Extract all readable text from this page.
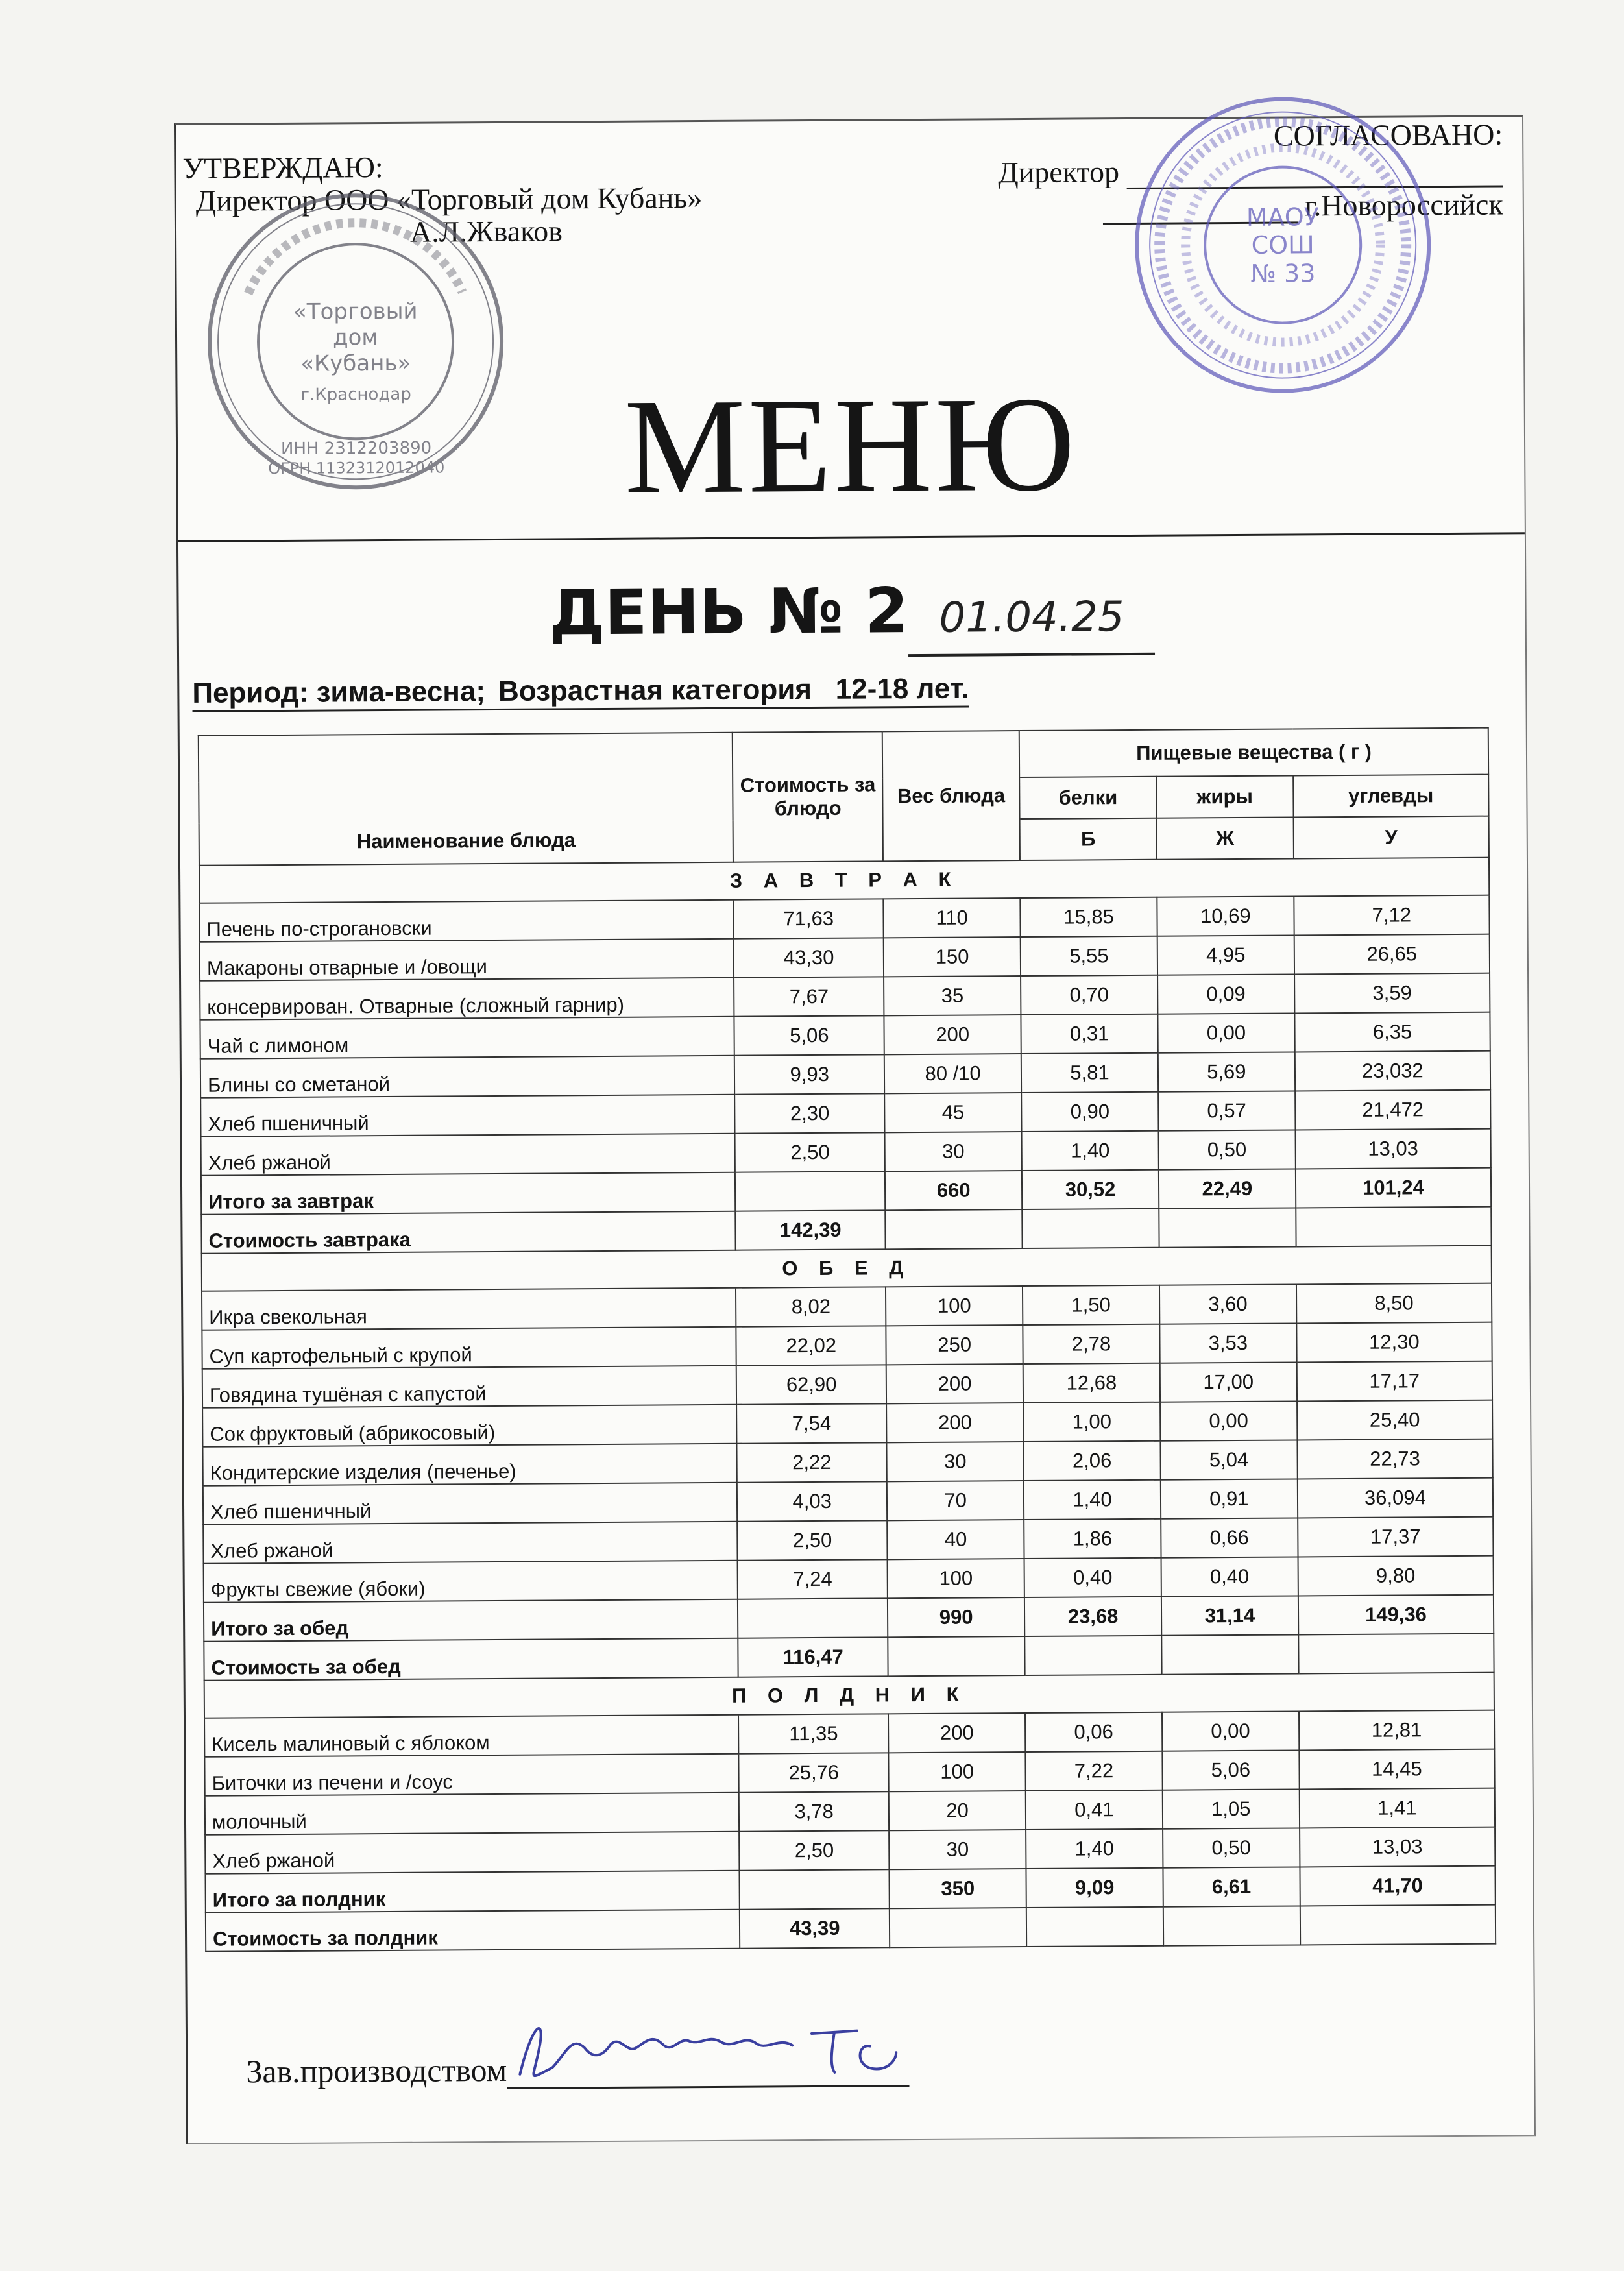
УТВЕРЖДАЮ:
Директор ООО «Торговый дом Кубань»
А.Л.Жваков
СОГЛАСОВАНО:
Директор
г.Новороссийск
«Торговый
дом
«Кубань»
г.Краснодар
ИНН 2312203890
ОГРН 1132312012040
МАОУ
СОШ
№ 33
МЕНЮ
ДЕНЬ № 2 01.04.25
Период: зима-весна; Возрастная категория 12-18 лет.
Наименование блюда	Стоимость за блюдо	Вес блюда	Пищевые вещества ( г )		
			белки	жиры	углевды
			Б	Ж	У
З А В Т Р А К					
Печень по-строгановски	71,63	110	15,85	10,69	7,12
Макароны отварные и /овощи	43,30	150	5,55	4,95	26,65
консервирован. Отварные (сложный гарнир)	7,67	35	0,70	0,09	3,59
Чай с лимоном	5,06	200	0,31	0,00	6,35
Блины со сметаной	9,93	80 /10	5,81	5,69	23,032
Хлеб пшеничный	2,30	45	0,90	0,57	21,472
Хлеб ржаной	2,50	30	1,40	0,50	13,03
Итого за завтрак		660	30,52	22,49	101,24
Стоимость завтрака	142,39				
О Б Е Д					
Икра свекольная	8,02	100	1,50	3,60	8,50
Суп картофельный с крупой	22,02	250	2,78	3,53	12,30
Говядина тушёная с капустой	62,90	200	12,68	17,00	17,17
Сок фруктовый (абрикосовый)	7,54	200	1,00	0,00	25,40
Кондитерские изделия (печенье)	2,22	30	2,06	5,04	22,73
Хлеб пшеничный	4,03	70	1,40	0,91	36,094
Хлеб ржаной	2,50	40	1,86	0,66	17,37
Фрукты свежие (ябоки)	7,24	100	0,40	0,40	9,80
Итого за обед		990	23,68	31,14	149,36
Стоимость за обед	116,47				
П О Л Д Н И К					
Кисель малиновый с яблоком	11,35	200	0,06	0,00	12,81
Биточки из печени и /соус	25,76	100	7,22	5,06	14,45
молочный	3,78	20	0,41	1,05	1,41
Хлеб ржаной	2,50	30	1,40	0,50	13,03
Итого за полдник		350	9,09	6,61	41,70
Стоимость за полдник	43,39				
Зав.производством
